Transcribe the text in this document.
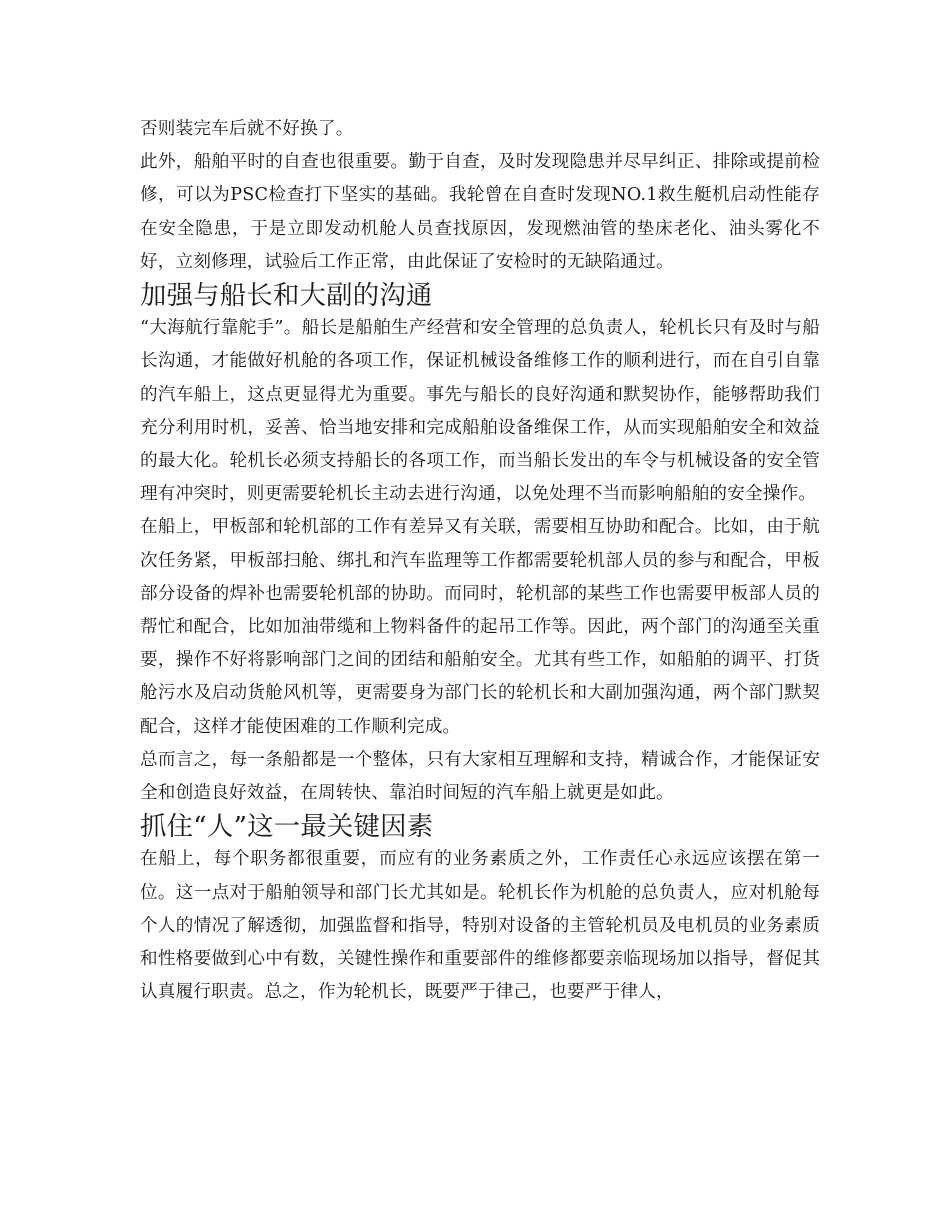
否则装完车后就不好换了。

此外，船舶平时的自查也很重要。勤于自查，及时发现隐患并尽早纠正、排除或提前检修，可以为PSC检查打下坚实的基础。我轮曾在自查时发现NO.1救生艇机启动性能存在安全隐患，于是立即发动机舱人员查找原因，发现燃油管的垫床老化、油头雾化不好，立刻修理，试验后工作正常，由此保证了安检时的无缺陷通过。

加强与船长和大副的沟通

“大海航行靠舵手”。船长是船舶生产经营和安全管理的总负责人，轮机长只有及时与船长沟通，才能做好机舱的各项工作，保证机械设备维修工作的顺利进行，而在自引自靠的汽车船上，这点更显得尤为重要。事先与船长的良好沟通和默契协作，能够帮助我们充分利用时机，妥善、恰当地安排和完成船舶设备维保工作，从而实现船舶安全和效益的最大化。轮机长必须支持船长的各项工作，而当船长发出的车令与机械设备的安全管理有冲突时，则更需要轮机长主动去进行沟通，以免处理不当而影响船舶的安全操作。

在船上，甲板部和轮机部的工作有差异又有关联，需要相互协助和配合。比如，由于航次任务紧，甲板部扫舱、绑扎和汽车监理等工作都需要轮机部人员的参与和配合，甲板部分设备的焊补也需要轮机部的协助。而同时，轮机部的某些工作也需要甲板部人员的帮忙和配合，比如加油带缆和上物料备件的起吊工作等。因此，两个部门的沟通至关重要，操作不好将影响部门之间的团结和船舶安全。尤其有些工作，如船舶的调平、打货舱污水及启动货舱风机等，更需要身为部门长的轮机长和大副加强沟通，两个部门默契配合，这样才能使困难的工作顺利完成。

总而言之，每一条船都是一个整体，只有大家相互理解和支持，精诚合作，才能保证安全和创造良好效益，在周转快、靠泊时间短的汽车船上就更是如此。

抓住“人”这一最关键因素

在船上，每个职务都很重要，而应有的业务素质之外，工作责任心永远应该摆在第一位。这一点对于船舶领导和部门长尤其如是。轮机长作为机舱的总负责人，应对机舱每个人的情况了解透彻，加强监督和指导，特别对设备的主管轮机员及电机员的业务素质和性格要做到心中有数，关键性操作和重要部件的维修都要亲临现场加以指导，督促其认真履行职责。总之，作为轮机长，既要严于律己，也要严于律人，
